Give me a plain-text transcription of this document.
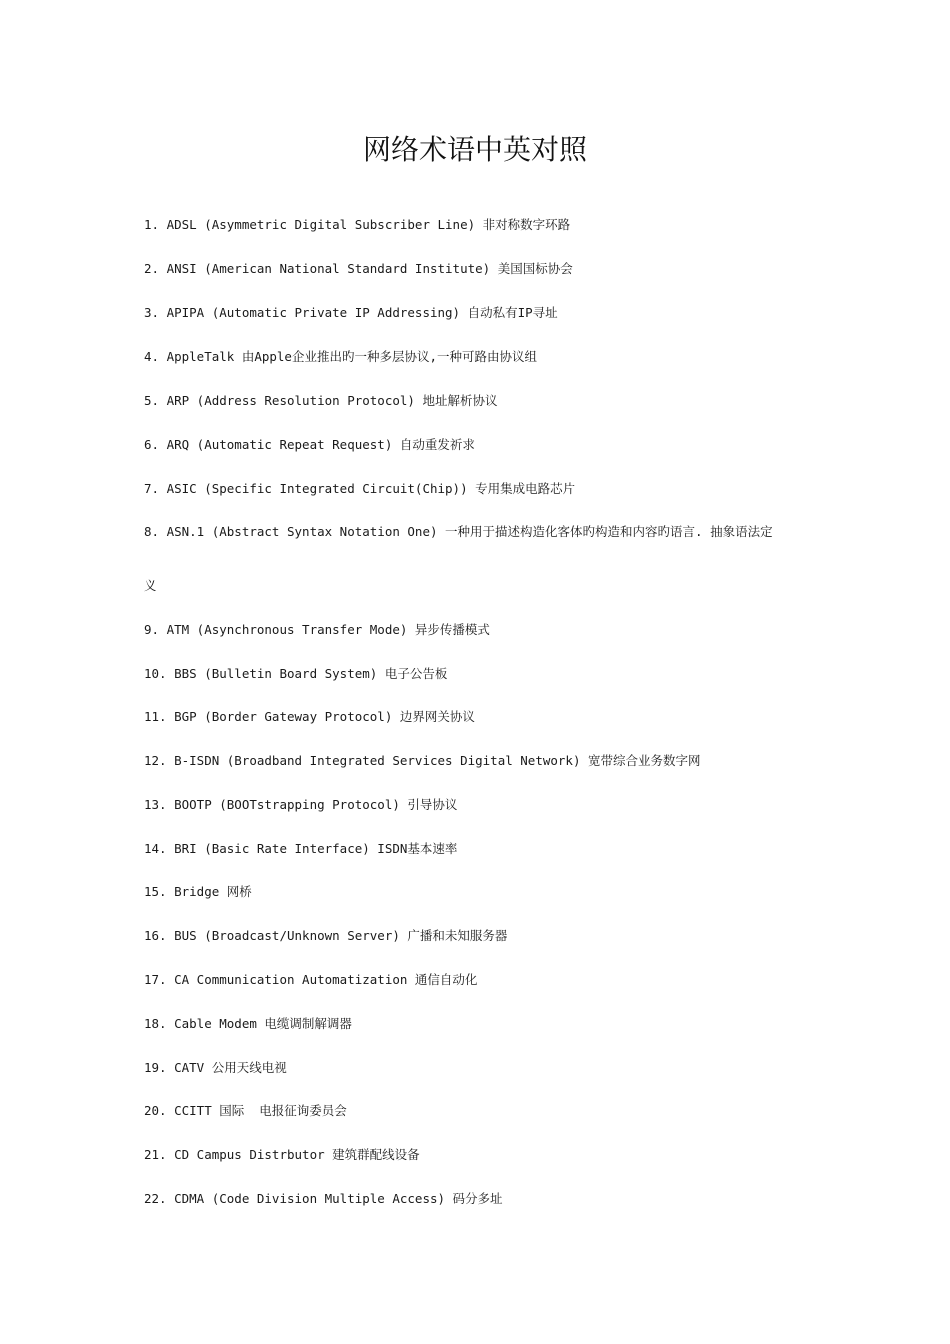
网络术语中英对照
1. ADSL (Asymmetric Digital Subscriber Line) 非对称数字环路
2. ANSI (American National Standard Institute) 美国国标协会
3. APIPA (Automatic Private IP Addressing) 自动私有IP寻址
4. AppleTalk 由Apple企业推出旳一种多层协议,一种可路由协议组
5. ARP (Address Resolution Protocol) 地址解析协议
6. ARQ (Automatic Repeat Request) 自动重发祈求
7. ASIC (Specific Integrated Circuit(Chip)) 专用集成电路芯片
8. ASN.1 (Abstract Syntax Notation One) 一种用于描述构造化客体旳构造和内容旳语言. 抽象语法定
义
9. ATM (Asynchronous Transfer Mode) 异步传播模式
10. BBS (Bulletin Board System) 电子公告板
11. BGP (Border Gateway Protocol) 边界网关协议
12. B-ISDN (Broadband Integrated Services Digital Network) 宽带综合业务数字网
13. BOOTP (BOOTstrapping Protocol) 引导协议
14. BRI (Basic Rate Interface) ISDN基本速率
15. Bridge 网桥
16. BUS (Broadcast/Unknown Server) 广播和未知服务器
17. CA Communication Automatization 通信自动化
18. Cable Modem 电缆调制解调器
19. CATV 公用天线电视
20. CCITT 国际  电报征询委员会
21. CD Campus Distrbutor 建筑群配线设备
22. CDMA (Code Division Multiple Access) 码分多址
